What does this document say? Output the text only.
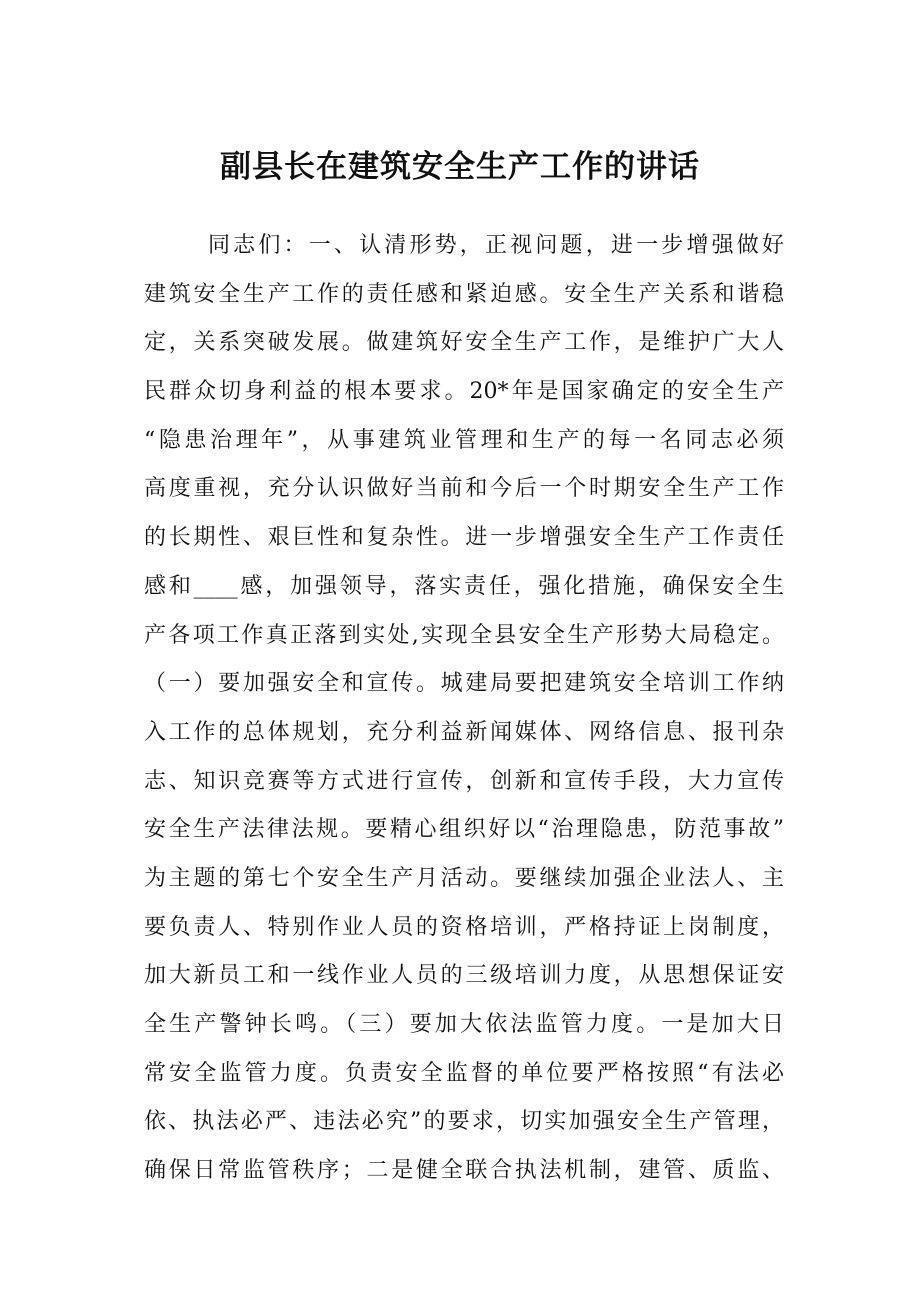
副县长在建筑安全生产工作的讲话
同志们：一、认清形势，正视问题，进一步增强做好
建筑安全生产工作的责任感和紧迫感。安全生产关系和谐稳
定，关系突破发展。做建筑好安全生产工作，是维护广大人
民群众切身利益的根本要求。20*年是国家确定的安全生产
“隐患治理年”，从事建筑业管理和生产的每一名同志必须
高度重视，充分认识做好当前和今后一个时期安全生产工作
的长期性、艰巨性和复杂性。进一步增强安全生产工作责任
感和____感，加强领导，落实责任，强化措施，确保安全生
产各项工作真正落到实处,实现全县安全生产形势大局稳定。
（一）要加强安全和宣传。城建局要把建筑安全培训工作纳
入工作的总体规划，充分利益新闻媒体、网络信息、报刊杂
志、知识竞赛等方式进行宣传，创新和宣传手段，大力宣传
安全生产法律法规。要精心组织好以“治理隐患，防范事故”
为主题的第七个安全生产月活动。要继续加强企业法人、主
要负责人、特别作业人员的资格培训，严格持证上岗制度，
加大新员工和一线作业人员的三级培训力度，从思想保证安
全生产警钟长鸣。（三）要加大依法监管力度。一是加大日
常安全监管力度。负责安全监督的单位要严格按照“有法必
依、执法必严、违法必究”的要求，切实加强安全生产管理，
确保日常监管秩序；二是健全联合执法机制，建管、质监、
